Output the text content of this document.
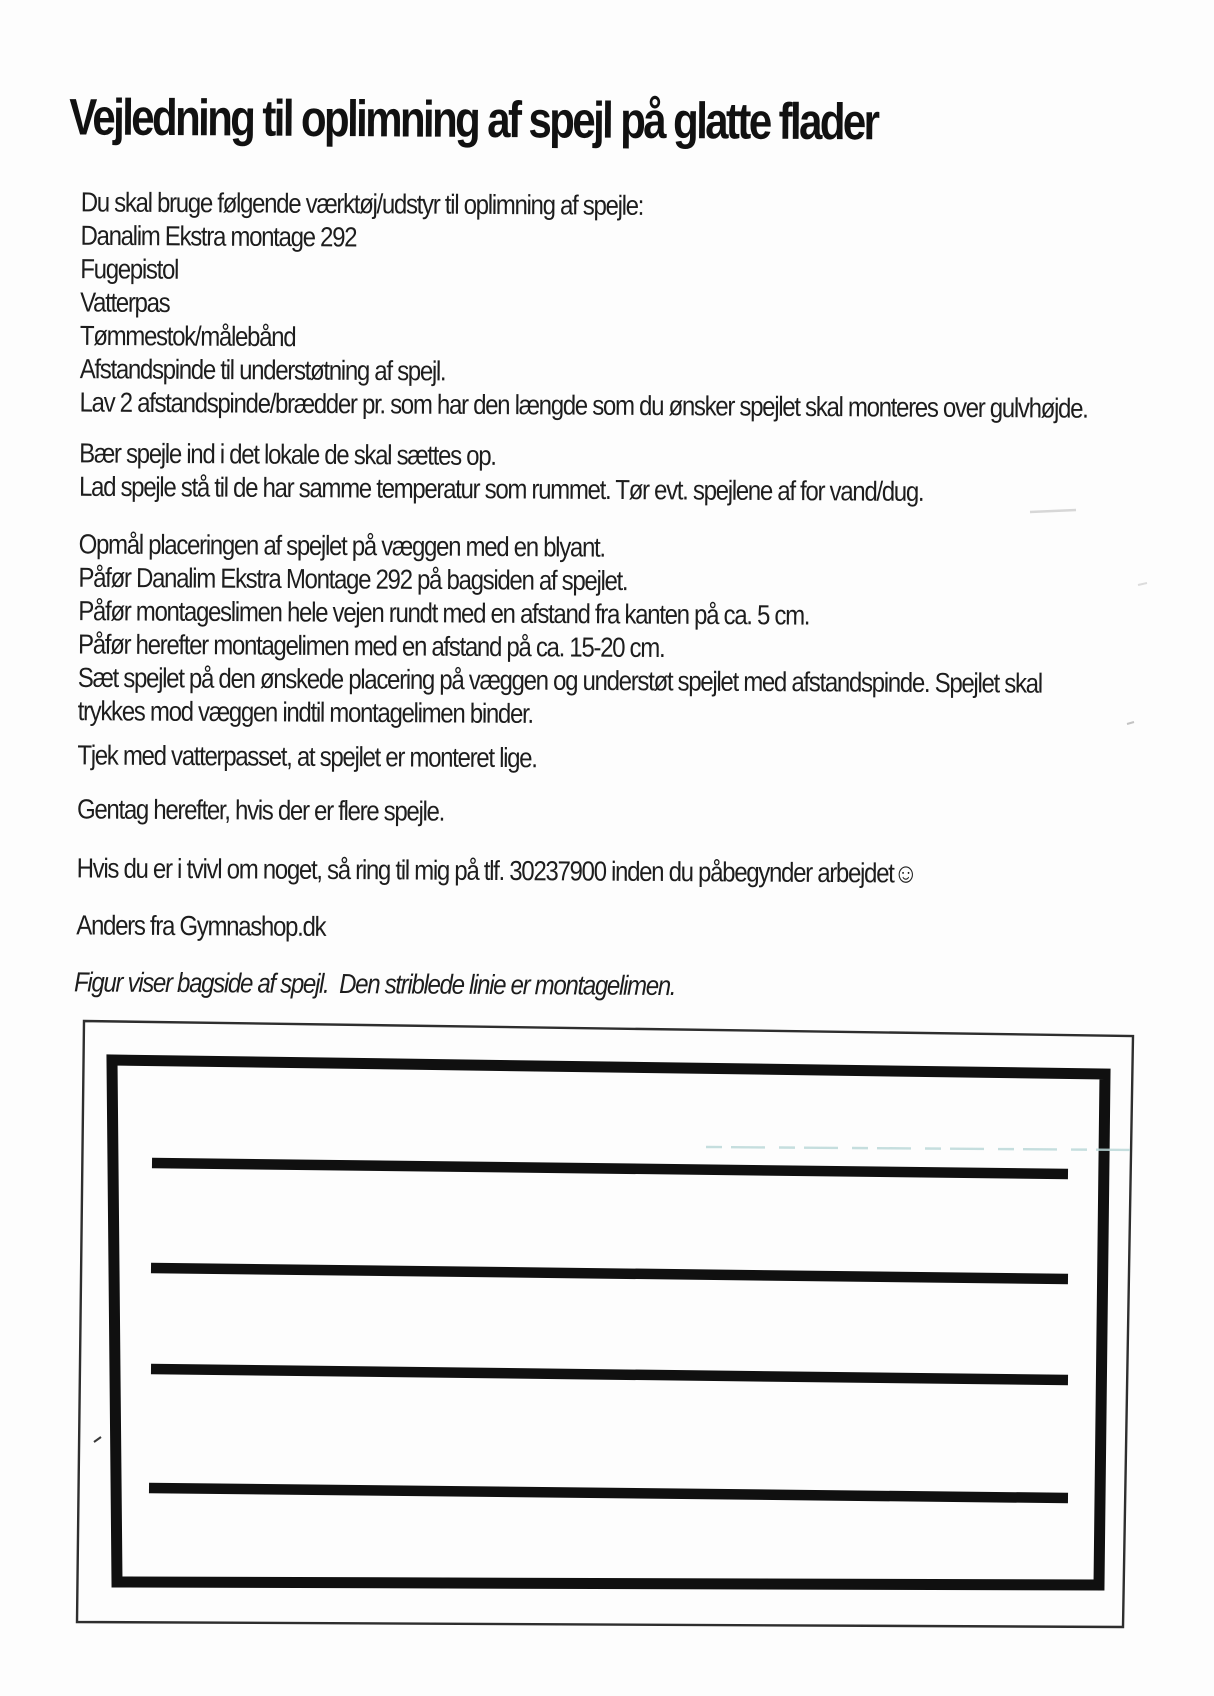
Vejledning til oplimning af spejl på glatte flader
Du skal bruge følgende værktøj/udstyr til oplimning af spejle:
Danalim Ekstra montage 292
Fugepistol
Vatterpas
Tømmestok/målebånd
Afstandspinde til understøtning af spejl.
Lav 2 afstandspinde/brædder pr. som har den længde som du ønsker spejlet skal monteres over gulvhøjde.
Bær spejle ind i det lokale de skal sættes op.
Lad spejle stå til de har samme temperatur som rummet. Tør evt. spejlene af for vand/dug.
Opmål placeringen af spejlet på væggen med en blyant.
Påfør Danalim Ekstra Montage 292 på bagsiden af spejlet.
Påfør montageslimen hele vejen rundt med en afstand fra kanten på ca. 5 cm.
Påfør herefter montagelimen med en afstand på ca. 15-20 cm.
Sæt spejlet på den ønskede placering på væggen og understøt spejlet med afstandspinde. Spejlet skal
trykkes mod væggen indtil montagelimen binder.
Tjek med vatterpasset, at spejlet er monteret lige.
Gentag herefter, hvis der er flere spejle.
Hvis du er i tvivl om noget, så ring til mig på tlf. 30237900 inden du påbegynder arbejdet☺
Anders fra Gymnashop.dk
Figur viser bagside af spejl.  Den striblede linie er montagelimen.
